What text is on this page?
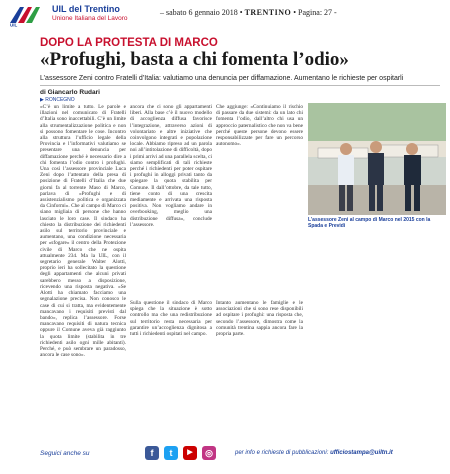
UIL
UIL del Trentino
Unione Italiana del Lavoro
– sabato 6 gennaio 2018 • TRENTINO • Pagina: 27 -
DOPO LA PROTESTA DI MARCO
«Profughi, basta a chi fomenta l’odio»
L’assessore Zeni contro Fratelli d’Italia: valutiamo una denuncia per diffamazione. Aumentano le richieste per ospitarli
di Giancarlo Rudari
▶ RONCEGNO
«C’è un limite a tutto. Le parole e illazioni nel comunicato di Fratelli d’Italia sono inaccettabili. C’è un limite alla strumentalizzazione politica e non si possono fomentare le cose. Incontro alla struttura l’ufficio legale della Provincia e l’informativi valutiamo se presentare una denuncia per diffamazione perché è necessario dire a chi fomenta l’odio contro i profughi. Una così l’assessore provinciale Luca Zeni dopo l’attentato della presa di posizione di Fratelli d’Italia che due giorni fa al torrente Maso di Marco, parlava di «Profughi e di assistenzialismo politica e organizzata da Cinformi». Che al campo di Marco ci siano migliaia di persone che hanno lasciato le loro case. Il sindaco ha chiesto la distribuzione dei richiedenti asilo sul territorio provinciale e aumentano, una condizione necessaria per «sfogare» il centro della Protezione civile di Marco che ne ospita attualmente 234. Ma la UIL, con il segretario generale Walter Alotti, proprio ieri ha sollecitato la questione degli appartamenti che alcuni privati sarebbero messo a disposizione, ricevendo una risposta negativa. «Se Alotti ha chiamato facciamo una segnalazione precisa. Non conosco le case di cui si tratta, ma evidentemente mancavano i requisiti previsti dal bando», replica l’assessore. Forse mancavano requisiti di natura tecnica oppure il Comune aveva già raggiunto la quota limite (stabilita in tre richiedenti asilo ogni mille abitanti). Perché, e può sembrare un paradosso, ancora le case sono».
ancora che ci sono gli appartamenti liberi. Alla base c’è il nuovo modello di accoglienza diffusa favorisce l’integrazione, attraverso azioni di volontariato e altre iniziative che coinvolgono integrati e popolazione locale. Abbiamo ripreso ad un parola noi all’intitolazione di difficoltà, dopo i primi arrivi ad una parallela scelta, ci siamo semplificati di tali richieste perché i richiedenti per poter ospitare i profughi in alloggi privati tanto da spiegare la quota stabilita per Comune. Il dall’ottobre, da tale tutto, tiene conto di una crescita mediamente e arrivata una risposta positiva. Non vogliamo andare in overbooking, meglio una distribuzione diffusa», conclude l’assessore.
Che aggiunge: «Continuiamo il rischio di passare da due sistemi: da un lato chi fomenta l’odio, dall’altro chi usa un approccio paternalistico che non va bene perché queste persone devono essere responsabilizzate per fare un percorso autonomo».
Sulla questione il sindaco di Marco spiega che la situazione è sotto controllo ma che una redistribuzione sul territorio resta necessaria per garantire un’accoglienza dignitosa a tutti i richiedenti ospitati nel campo.
Intanto aumentano le famiglie e le associazioni che si sono rese disponibili ad ospitare i profughi: una risposta che, secondo l’assessore, dimostra come la comunità trentina sappia ancora fare la propria parte.
L’assessore Zeni al campo di Marco nel 2015 con la Spada e Previdi
Seguici anche su	f	t	▶	◎	per info e richieste di pubblicazioni: ufficiostampa@uiltn.it
